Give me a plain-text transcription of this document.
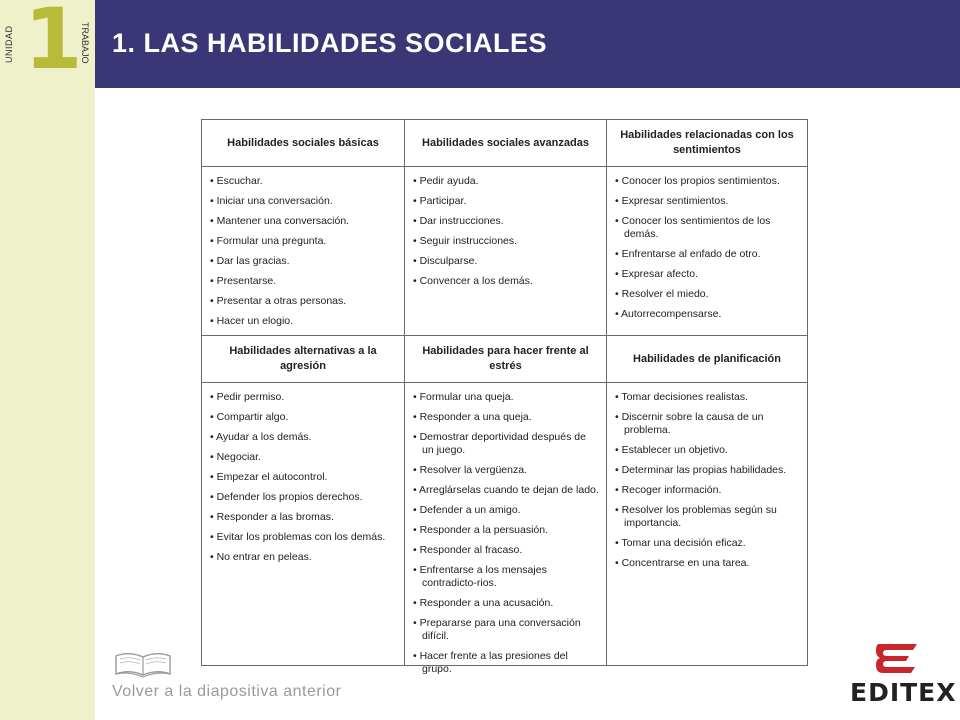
UNIDAD 1
TRABAJO 1. LAS HABILIDADES SOCIALES
Habilidades sociales básicas	Habilidades sociales avanzadas
Habilidades relacionadas con los sentimientos
• Escuchar.
• Iniciar una conversación.
• Mantener una conversación.
• Formular una pregunta.
• Dar las gracias.
• Presentarse.
• Presentar a otras personas.
• Hacer un elogio.
• Pedir ayuda.
• Participar.
• Dar instrucciones.
• Seguir instrucciones.
• Disculparse.
• Convencer a los demás.
• Conocer los propios sentimientos.
• Expresar sentimientos.
• Conocer los sentimientos de los demás.
• Enfrentarse al enfado de otro.
• Expresar afecto.
• Resolver el miedo.
• Autorrecompensarse.
Habilidades alternativas a la agresión
Habilidades para hacer frente al estrés
Habilidades de planificación
• Pedir permiso.
• Compartir algo.
• Ayudar a los demás.
• Negociar.
• Empezar el autocontrol.
• Defender los propios derechos.
• Responder a las bromas.
• Evitar los problemas con los demás.
• No entrar en peleas.
• Formular una queja.
• Responder a una queja.
• Demostrar deportividad después de un juego.
• Resolver la vergüenza.
• Arreglárselas cuando te dejan de lado.
• Defender a un amigo.
• Responder a la persuasión.
• Responder al fracaso.
• Enfrentarse a los mensajes contradicto-rios.
• Responder a una acusación.
• Prepararse para una conversación difícil.
• Hacer frente a las presiones del grupo.
• Tomar decisiones realistas.
• Discernir sobre la causa de un problema.
• Establecer un objetivo.
• Determinar las propias habilidades.
• Recoger información.
• Resolver los problemas según su importancia.
• Tomar una decisión eficaz.
• Concentrarse en una tarea.
Volver a la diapositiva anterior	EDITEX
